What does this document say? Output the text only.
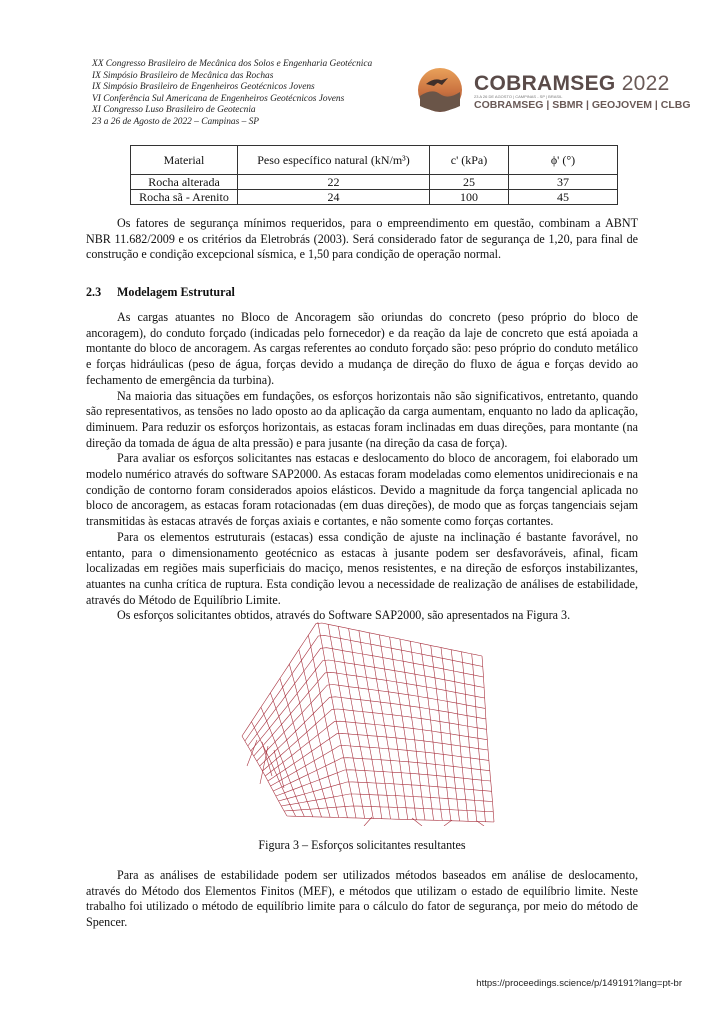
XX Congresso Brasileiro de Mecânica dos Solos e Engenharia Geotécnica
IX Simpósio Brasileiro de Mecânica das Rochas
IX Simpósio Brasileiro de Engenheiros Geotécnicos Jovens
VI Conferência Sul Americana de Engenheiros Geotécnicos Jovens
XI Congresso Luso Brasileiro de Geotecnia
23 a 26 de Agosto de 2022 – Campinas – SP
COBRAMSEG 2022
23 A 26 DE AGOSTO | CAMPINAS - SP | BRASIL
COBRAMSEG | SBMR | GEOJOVEM | CLBG
Material	Peso específico natural (kN/m³)	c' (kPa)	ϕ' (°)
Rocha alterada	22	25	37
Rocha sã - Arenito	24	100	45

Os fatores de segurança mínimos requeridos, para o empreendimento em questão, combinam a ABNT NBR 11.682/2009 e os critérios da Eletrobrás (2003). Será considerado fator de segurança de 1,20, para final de construção e condição excepcional sísmica, e 1,50 para condição de operação normal.

2.3 Modelagem Estrutural

As cargas atuantes no Bloco de Ancoragem são oriundas do concreto (peso próprio do bloco de ancoragem), do conduto forçado (indicadas pelo fornecedor) e da reação da laje de concreto que está apoiada a montante do bloco de ancoragem. As cargas referentes ao conduto forçado são: peso próprio do conduto metálico e forças hidráulicas (peso de água, forças devido a mudança de direção do fluxo de água e forças devido ao fechamento de emergência da turbina).

Na maioria das situações em fundações, os esforços horizontais não são significativos, entretanto, quando são representativos, as tensões no lado oposto ao da aplicação da carga aumentam, enquanto no lado da aplicação, diminuem. Para reduzir os esforços horizontais, as estacas foram inclinadas em duas direções, para montante (na direção da tomada de água de alta pressão) e para jusante (na direção da casa de força).

Para avaliar os esforços solicitantes nas estacas e deslocamento do bloco de ancoragem, foi elaborado um modelo numérico através do software SAP2000. As estacas foram modeladas como elementos unidirecionais e na condição de contorno foram considerados apoios elásticos. Devido a magnitude da força tangencial aplicada no bloco de ancoragem, as estacas foram rotacionadas (em duas direções), de modo que as forças tangenciais sejam transmitidas às estacas através de forças axiais e cortantes, e não somente como forças cortantes.

Para os elementos estruturais (estacas) essa condição de ajuste na inclinação é bastante favorável, no entanto, para o dimensionamento geotécnico as estacas à jusante podem ser desfavoráveis, afinal, ficam localizadas em regiões mais superficiais do maciço, menos resistentes, e na direção de esforços instabilizantes, atuantes na cunha crítica de ruptura. Esta condição levou a necessidade de realização de análises de estabilidade, através do Método de Equilíbrio Limite.

Os esforços solicitantes obtidos, através do Software SAP2000, são apresentados na Figura 3.

Figura 3 – Esforços solicitantes resultantes

Para as análises de estabilidade podem ser utilizados métodos baseados em análise de deslocamento, através do Método dos Elementos Finitos (MEF), e métodos que utilizam o estado de equilíbrio limite. Neste trabalho foi utilizado o método de equilíbrio limite para o cálculo do fator de segurança, por meio do método de Spencer.

https://proceedings.science/p/149191?lang=pt-br
